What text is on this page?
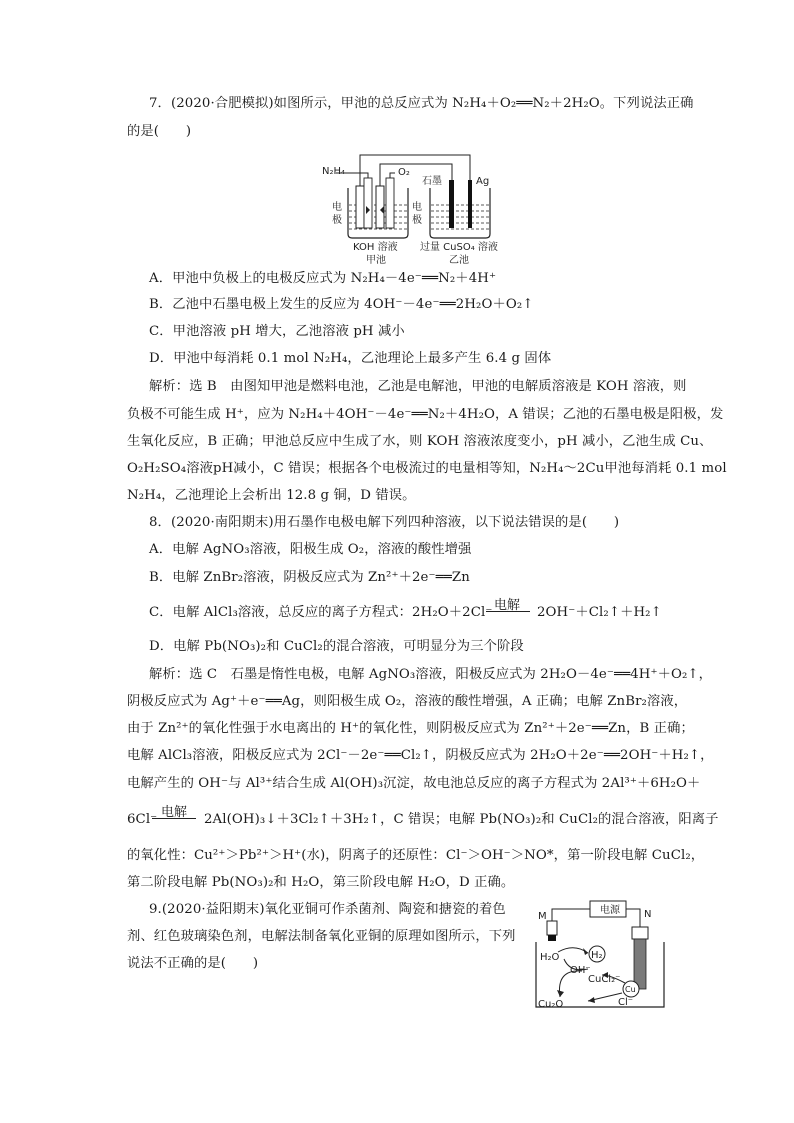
7．(2020·合肥模拟)如图所示，甲池的总反应式为 N₂H₄＋O₂══N₂＋2H₂O。下列说法正确
的是(　　)
N₂H₄	O₂
石墨	Ag
电
极
电
极
KOH 溶液
甲池
过量 CuSO₄ 溶液
乙池
A．甲池中负极上的电极反应式为 N₂H₄－4e⁻══N₂＋4H⁺
B．乙池中石墨电极上发生的反应为 4OH⁻－4e⁻══2H₂O＋O₂↑
C．甲池溶液 pH 增大，乙池溶液 pH 减小
D．甲池中每消耗 0.1 mol N₂H₄，乙池理论上最多产生 6.4 g 固体
解析：选 B　由图知甲池是燃料电池，乙池是电解池，甲池的电解质溶液是 KOH 溶液，则
负极不可能生成 H⁺，应为 N₂H₄＋4OH⁻－4e⁻══N₂＋4H₂O，A 错误；乙池的石墨电极是阳极，发
生氧化反应，B 正确；甲池总反应中生成了水，则 KOH 溶液浓度变小，pH 减小，乙池生成 Cu、
O₂H₂SO₄溶液pH减小，C 错误；根据各个电极流过的电量相等知，N₂H₄～2Cu甲池每消耗 0.1 mol
N₂H₄，乙池理论上会析出 12.8 g 铜，D 错误。
8．(2020·南阳期末)用石墨作电极电解下列四种溶液，以下说法错误的是(　　)
A．电解 AgNO₃溶液，阳极生成 O₂，溶液的酸性增强
B．电解 ZnBr₂溶液，阴极反应式为 Zn²⁺＋2e⁻══Zn
C．电解 AlCl₃溶液，总反应的离子方程式：2H₂O＋2Cl⁻ 电解 2OH⁻＋Cl₂↑＋H₂↑
D．电解 Pb(NO₃)₂和 CuCl₂的混合溶液，可明显分为三个阶段
解析：选 C　石墨是惰性电极，电解 AgNO₃溶液，阳极反应式为 2H₂O－4e⁻══4H⁺＋O₂↑，
阴极反应式为 Ag⁺＋e⁻══Ag，则阳极生成 O₂，溶液的酸性增强，A 正确；电解 ZnBr₂溶液，
由于 Zn²⁺的氧化性强于水电离出的 H⁺的氧化性，则阴极反应式为 Zn²⁺＋2e⁻══Zn，B 正确；
电解 AlCl₃溶液，阳极反应式为 2Cl⁻－2e⁻══Cl₂↑，阴极反应式为 2H₂O＋2e⁻══2OH⁻＋H₂↑，
电解产生的 OH⁻与 Al³⁺结合生成 Al(OH)₃沉淀，故电池总反应的离子方程式为 2Al³⁺＋6H₂O＋
6Cl⁻ 电解 2Al(OH)₃↓＋3Cl₂↑＋3H₂↑，C 错误；电解 Pb(NO₃)₂和 CuCl₂的混合溶液，阳离子
的氧化性：Cu²⁺＞Pb²⁺＞H⁺(水)，阴离子的还原性：Cl⁻＞OH⁻＞NO*，第一阶段电解 CuCl₂，
第二阶段电解 Pb(NO₃)₂和 H₂O，第三阶段电解 H₂O，D 正确。
9.(2020·益阳期末)氧化亚铜可作杀菌剂、陶瓷和搪瓷的着色
剂、红色玻璃染色剂，电解法制备氧化亚铜的原理如图所示，下列
说法不正确的是(　　)
电源
M	N
H₂O	H₂
OH⁻
CuCl₂⁻
Cu
Cu₂O	Cl⁻
